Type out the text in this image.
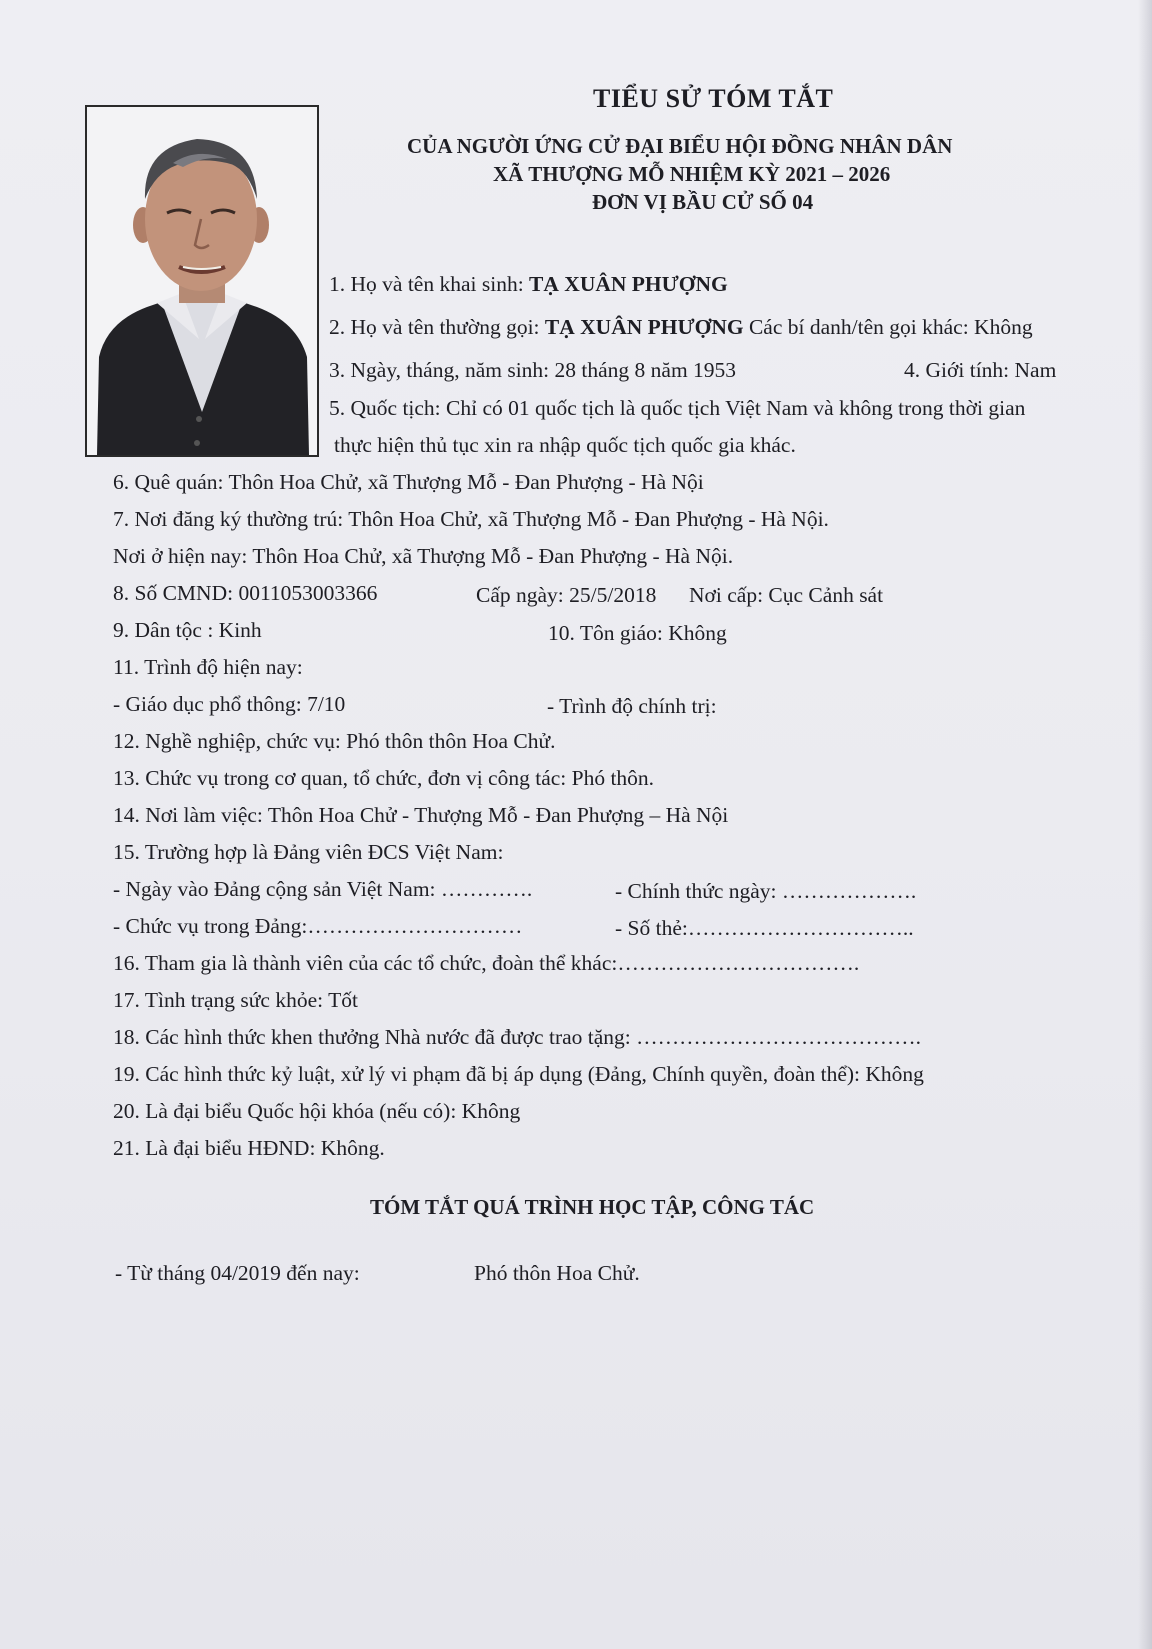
TIỂU SỬ TÓM TẮT
CỦA NGƯỜI ỨNG CỬ ĐẠI BIỂU HỘI ĐỒNG NHÂN DÂN
XÃ THƯỢNG MỖ NHIỆM KỲ 2021 – 2026
ĐƠN VỊ BẦU CỬ SỐ 04
1. Họ và tên khai sinh: TẠ XUÂN PHƯỢNG
2. Họ và tên thường gọi: TẠ XUÂN PHƯỢNG Các bí danh/tên gọi khác: Không
3. Ngày, tháng, năm sinh: 28 tháng 8 năm 1953	4. Giới tính: Nam
5. Quốc tịch: Chỉ có 01 quốc tịch là quốc tịch Việt Nam và không trong thời gian
thực hiện thủ tục xin ra nhập quốc tịch quốc gia khác.
6. Quê quán: Thôn Hoa Chử, xã Thượng Mỗ - Đan Phượng - Hà Nội
7. Nơi đăng ký thường trú: Thôn Hoa Chử, xã Thượng Mỗ - Đan Phượng - Hà Nội.
Nơi ở hiện nay: Thôn Hoa Chử, xã Thượng Mỗ - Đan Phượng - Hà Nội.
8. Số CMND: 0011053003366	Cấp ngày: 25/5/2018 Nơi cấp: Cục Cảnh sát
9. Dân tộc : Kinh	10. Tôn giáo: Không
11. Trình độ hiện nay:
- Giáo dục phổ thông: 7/10	- Trình độ chính trị:
12. Nghề nghiệp, chức vụ: Phó thôn thôn Hoa Chử.
13. Chức vụ trong cơ quan, tổ chức, đơn vị công tác: Phó thôn.
14. Nơi làm việc: Thôn Hoa Chử - Thượng Mỗ - Đan Phượng – Hà Nội
15. Trường hợp là Đảng viên ĐCS Việt Nam:
- Ngày vào Đảng cộng sản Việt Nam: ………….	- Chính thức ngày: ……………….
- Chức vụ trong Đảng:…………………………	- Số thẻ:…………………………..
16. Tham gia là thành viên của các tổ chức, đoàn thể khác:…………………………….
17. Tình trạng sức khỏe: Tốt
18. Các hình thức khen thưởng Nhà nước đã được trao tặng: ………………………………….
19. Các hình thức kỷ luật, xử lý vi phạm đã bị áp dụng (Đảng, Chính quyền, đoàn thể): Không
20. Là đại biểu Quốc hội khóa (nếu có): Không
21. Là đại biểu HĐND: Không.
TÓM TẮT QUÁ TRÌNH HỌC TẬP, CÔNG TÁC
- Từ tháng 04/2019 đến nay:	Phó thôn Hoa Chử.
